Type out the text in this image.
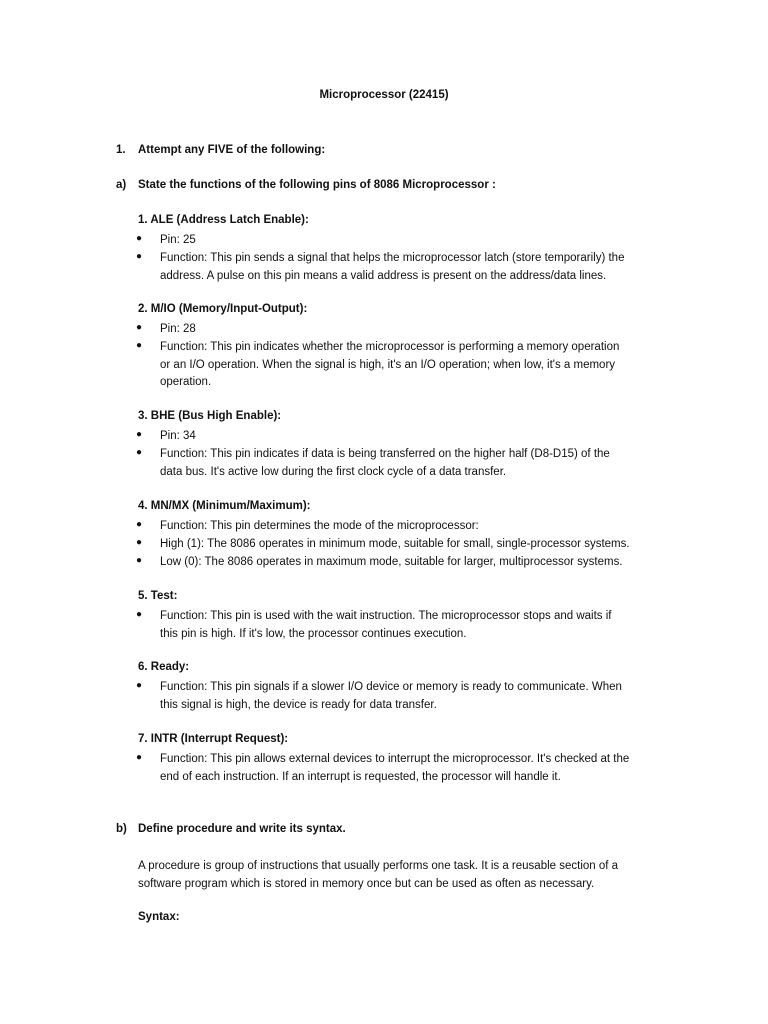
Microprocessor (22415)
1. Attempt any FIVE of the following:
a) State the functions of the following pins of 8086 Microprocessor :
b) Define procedure and write its syntax.
A procedure is group of instructions that usually performs one task. It is a reusable section of a
software program which is stored in memory once but can be used as often as necessary.
Syntax:
1. ALE (Address Latch Enable):
● Pin: 25
● Function: This pin sends a signal that helps the microprocessor latch (store temporarily) the
address. A pulse on this pin means a valid address is present on the address/data lines.
2. M/IO (Memory/Input-Output):
● Pin: 28
● Function: This pin indicates whether the microprocessor is performing a memory operation
or an I/O operation. When the signal is high, it's an I/O operation; when low, it's a memory
operation.
3. BHE (Bus High Enable):
● Pin: 34
● Function: This pin indicates if data is being transferred on the higher half (D8-D15) of the
data bus. It's active low during the first clock cycle of a data transfer.
4. MN/MX (Minimum/Maximum):
● Function: This pin determines the mode of the microprocessor:
● High (1): The 8086 operates in minimum mode, suitable for small, single-processor systems.
● Low (0): The 8086 operates in maximum mode, suitable for larger, multiprocessor systems.
5. Test:
● Function: This pin is used with the wait instruction. The microprocessor stops and waits if
this pin is high. If it's low, the processor continues execution.
6. Ready:
● Function: This pin signals if a slower I/O device or memory is ready to communicate. When
this signal is high, the device is ready for data transfer.
7. INTR (Interrupt Request):
● Function: This pin allows external devices to interrupt the microprocessor. It's checked at the
end of each instruction. If an interrupt is requested, the processor will handle it.
